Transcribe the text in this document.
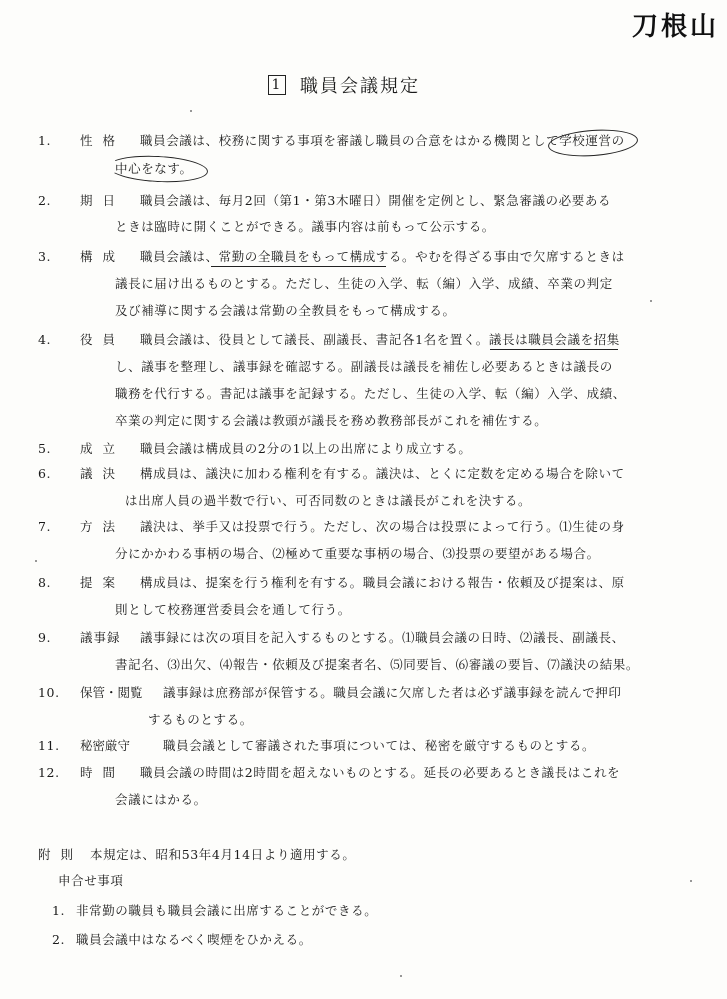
刀根山
1 職員会議規定
1.	性 格 職員会議は、校務に関する事項を審議し職員の合意をはかる機関として学校運営の
中心をなす。
2.	期 日 職員会議は、毎月2回（第1・第3木曜日）開催を定例とし、緊急審議の必要ある
ときは臨時に開くことができる。議事内容は前もって公示する。
3.	構 成 職員会議は、常勤の全職員をもって構成する。やむを得ざる事由で欠席するときは
議長に届け出るものとする。ただし、生徒の入学、転（編）入学、成績、卒業の判定
及び補導に関する会議は常勤の全教員をもって構成する。
4.	役 員 職員会議は、役員として議長、副議長、書記各1名を置く。議長は職員会議を招集
し、議事を整理し、議事録を確認する。副議長は議長を補佐し必要あるときは議長の
職務を代行する。書記は議事を記録する。ただし、生徒の入学、転（編）入学、成績、
卒業の判定に関する会議は教頭が議長を務め教務部長がこれを補佐する。
5.	成 立 職員会議は構成員の2分の1以上の出席により成立する。
6.	議 決 構成員は、議決に加わる権利を有する。議決は、とくに定数を定める場合を除いて
は出席人員の過半数で行い、可否同数のときは議長がこれを決する。
7.	方 法 議決は、挙手又は投票で行う。ただし、次の場合は投票によって行う。⑴生徒の身
分にかかわる事柄の場合、⑵極めて重要な事柄の場合、⑶投票の要望がある場合。
8.	提 案 構成員は、提案を行う権利を有する。職員会議における報告・依頼及び提案は、原
則として校務運営委員会を通して行う。
9.	議事録 議事録には次の項目を記入するものとする。⑴職員会議の日時、⑵議長、副議長、
書記名、⑶出欠、⑷報告・依頼及び提案者名、⑸同要旨、⑹審議の要旨、⑺議決の結果。
10. 保管・閲覧 議事録は庶務部が保管する。職員会議に欠席した者は必ず議事録を読んで押印
するものとする。
11. 秘密厳守	職員会議として審議された事項については、秘密を厳守するものとする。
12. 時 間 職員会議の時間は2時間を超えないものとする。延長の必要あるとき議長はこれを
会議にはかる。
附 則 本規定は、昭和53年4月14日より適用する。
申合せ事項
1. 非常勤の職員も職員会議に出席することができる。
2. 職員会議中はなるべく喫煙をひかえる。
